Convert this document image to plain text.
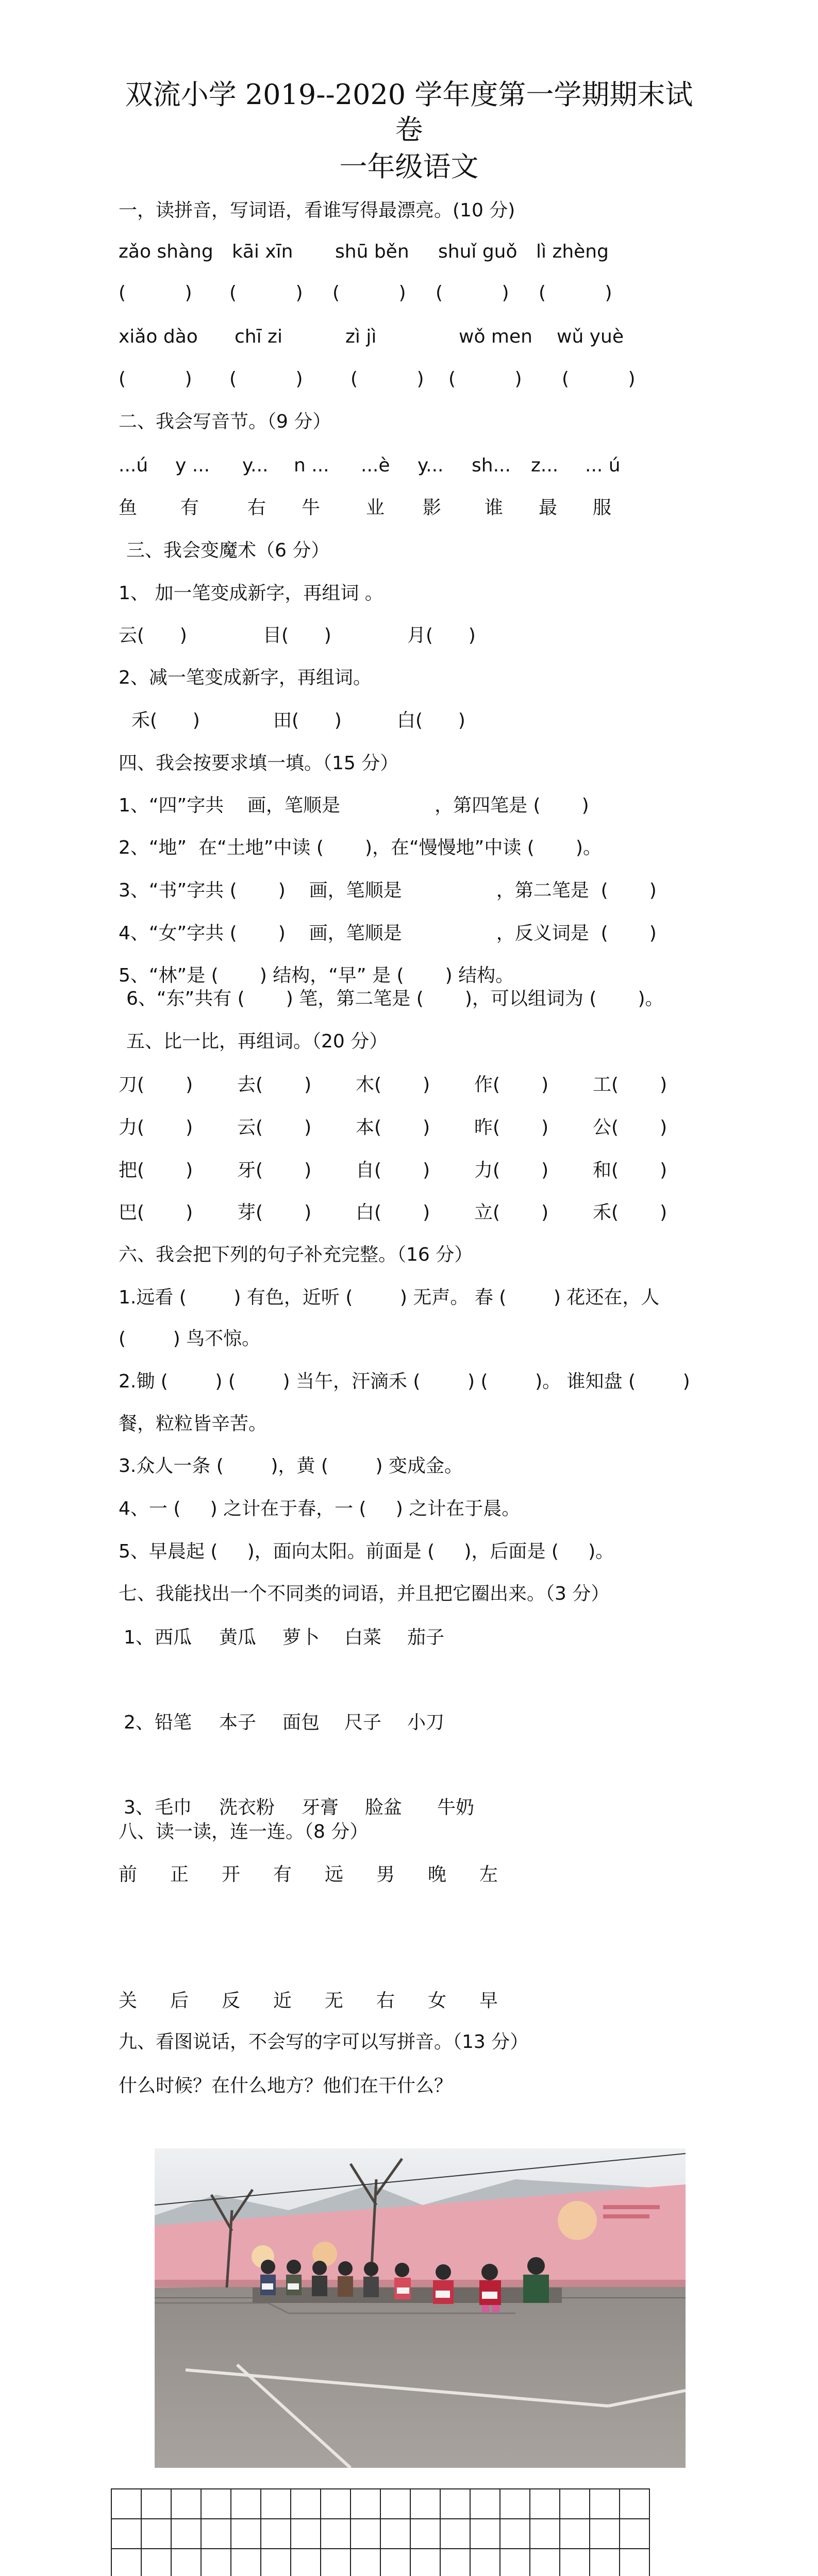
双流小学 2019--2020 学年度第一学期期末试
卷
一年级语文
一，读拼音，写词语，看谁写得最漂亮。(10 分)
zǎo shàng kāi xīn shū běn shuǐ guǒ lì zhèng
(          ) (          ) (          ) (          ) (          )
xiǎo dào chī zi	zì jì	wǒ men wǔ yuè
(          ) (          )	(          ) (          ) (          )
二、我会写音节。（9 分）
...ú y ... y... n ... ...è y... sh... z... ... ú
鱼 有	右 牛 业 影 谁 最 服
三、我会变魔术（6 分）
1、 加一笔变成新字，再组词 。
云(      )	目(      )	月(      )
2、减一笔变成新字，再组词。
禾(      )	田(      )	白(      )
四、我会按要求填一填。（15 分）
1、“四”字共    画，笔顺是                ，第四笔是 (       )
2、“地”  在“土地”中读 (       )，在“慢慢地”中读 (       )。
3、“书”字共 (       )    画，笔顺是                ，第二笔是  (       )
4、“女”字共 (       )    画，笔顺是                ，反义词是  (       )
5、“林”是 (       ) 结构，“早” 是 (       ) 结构。
6、“东”共有 (       ) 笔，第二笔是 (       )，可以组词为 (       )。
五、比一比，再组词。（20 分）
刀(       ) 去(       ) 木(       ) 作(       ) 工(       )
力(       ) 云(       ) 本(       ) 昨(       ) 公(       )
把(       ) 牙(       ) 自(       ) 力(       ) 和(       )
巴(       ) 芽(       ) 白(       ) 立(       ) 禾(       )
六、我会把下列的句子补充完整。（16 分）
1.远看 (        ) 有色，近听 (        ) 无声。 春 (        ) 花还在，人
(        ) 鸟不惊。
2.锄 (        ) (        ) 当午，汗滴禾 (        ) (        )。 谁知盘 (        )
餐，粒粒皆辛苦。
3.众人一条 (        )，黄 (        ) 变成金。
4、一 (     ) 之计在于春，一 (     ) 之计在于晨。
5、早晨起 (     )，面向太阳。前面是 (     )，后面是 (     )。
七、我能找出一个不同类的词语，并且把它圈出来。（3 分）
1、 西瓜 黄瓜 萝卜 白菜 茄子
2、 铅笔 本子 面包 尺子 小刀
3、 毛巾 洗衣粉 牙膏 脸盆 牛奶
八、读一读，连一连。（8 分）
前 正 开 有 远 男 晚 左
关 后 反 近 无 右 女 早
九、看图说话，不会写的字可以写拼音。（13 分）
什么时候？在什么地方？他们在干什么？
